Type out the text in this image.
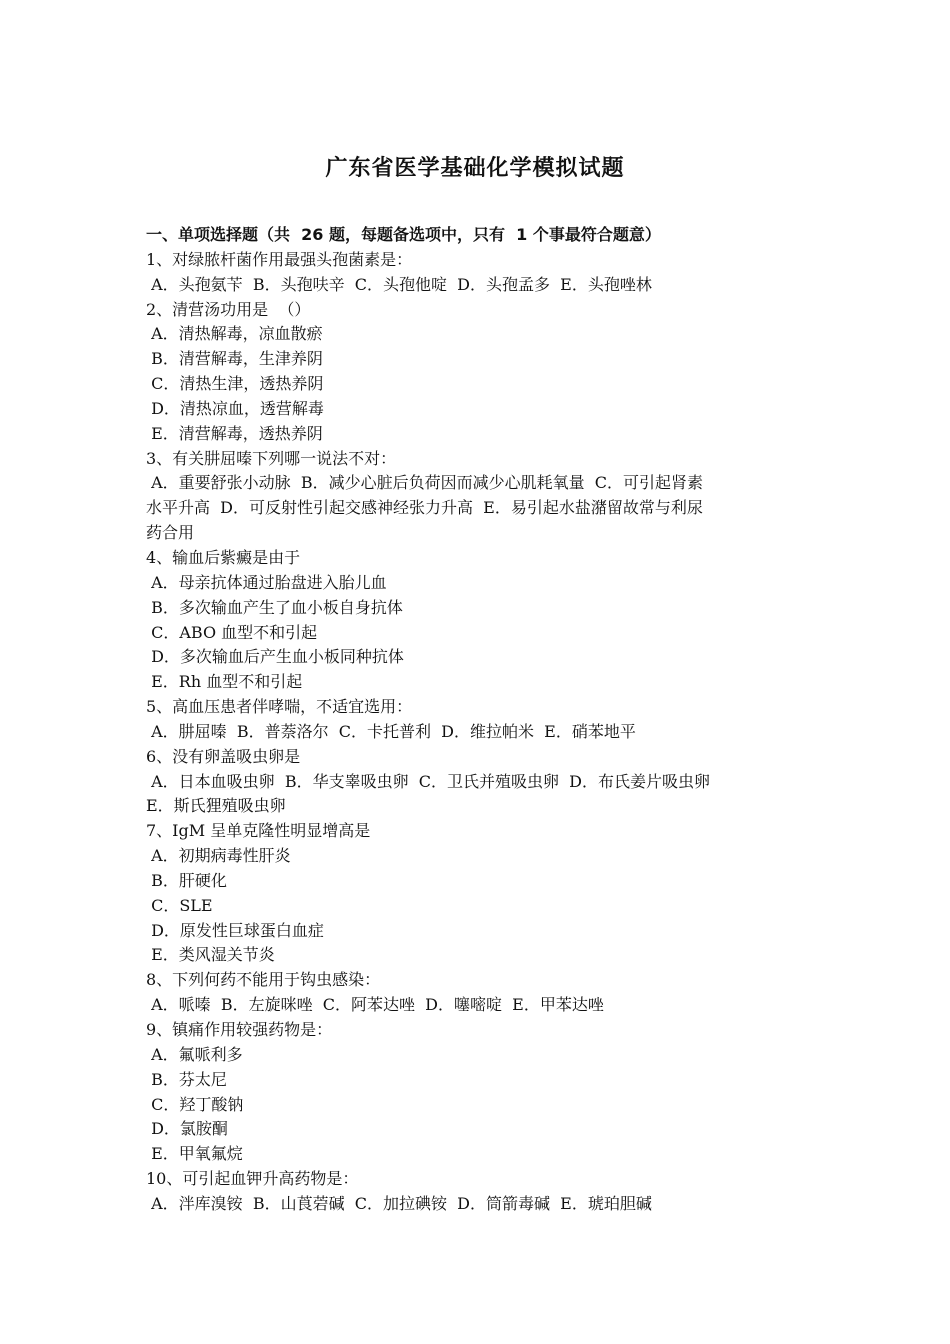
广东省医学基础化学模拟试题
一、单项选择题（共  26 题，每题备选项中，只有  1 个事最符合题意）
1、对绿脓杆菌作用最强头孢菌素是：
A．头孢氨苄  B．头孢呋辛  C．头孢他啶  D．头孢孟多  E．头孢唑林
2、清营汤功用是  （）
A．清热解毒，凉血散瘀
B．清营解毒，生津养阴
C．清热生津，透热养阴
D．清热凉血，透营解毒
E．清营解毒，透热养阴
3、有关肼屈嗪下列哪一说法不对：
A．重要舒张小动脉  B．减少心脏后负荷因而减少心肌耗氧量  C．可引起肾素
水平升高  D．可反射性引起交感神经张力升高  E．易引起水盐潴留故常与利尿
药合用
4、输血后紫癜是由于
A．母亲抗体通过胎盘进入胎儿血
B．多次输血产生了血小板自身抗体
C．ABO 血型不和引起
D．多次输血后产生血小板同种抗体
E．Rh 血型不和引起
5、高血压患者伴哮喘，不适宜选用：
A．肼屈嗪  B．普萘洛尔  C．卡托普利  D．维拉帕米  E．硝苯地平
6、没有卵盖吸虫卵是
A．日本血吸虫卵  B．华支睾吸虫卵  C．卫氏并殖吸虫卵  D．布氏姜片吸虫卵
E．斯氏狸殖吸虫卵
7、IgM 呈单克隆性明显增高是
A．初期病毒性肝炎
B．肝硬化
C．SLE
D．原发性巨球蛋白血症
E．类风湿关节炎
8、下列何药不能用于钩虫感染：
A．哌嗪  B．左旋咪唑  C．阿苯达唑  D．噻嘧啶  E．甲苯达唑
9、镇痛作用较强药物是：
A．氟哌利多
B．芬太尼
C．羟丁酸钠
D．氯胺酮
E．甲氧氟烷
10、可引起血钾升高药物是：
A．泮库溴铵  B．山莨菪碱  C．加拉碘铵  D．筒箭毒碱  E．琥珀胆碱
